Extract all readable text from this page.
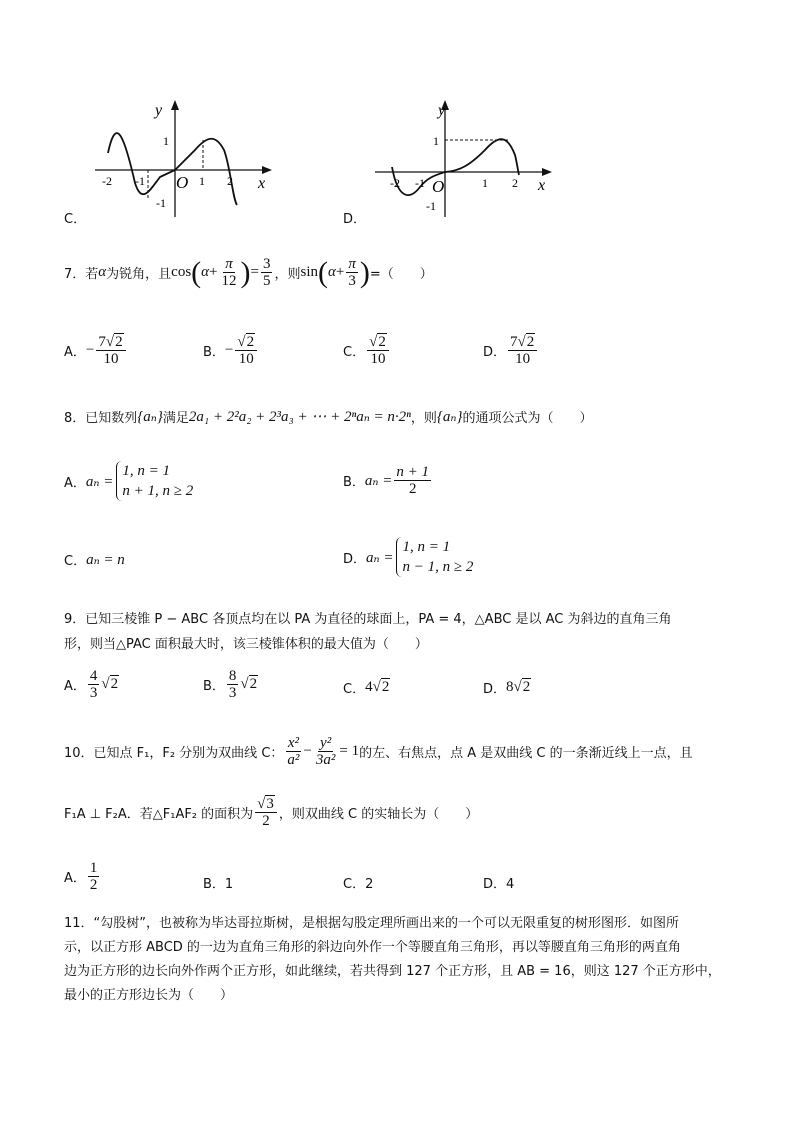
y
x
O
1
-1
-2 -1	1 2
C．
y
x
O
1
-1
-2 -1	1 2
D．
7．若 α 为锐角，且 cos ( $\alpha + \frac{\pi}{12}$ ) = $\frac{3}{5}$ ，则 sin ( $\alpha + \frac{\pi}{3}$ ) =（　　）
A． − $\frac{7√2}{10}$	B． − $\frac{√2}{10}$	C． $\frac{√2}{10}$	D． $\frac{7√2}{10}$
8．已知数列 {aₙ} 满足 2a₁ + 2²a₂ + 2³a₃ + ⋯ + 2ⁿaₙ = n·2ⁿ ，则 {aₙ} 的通项公式为（　　）
A． aₙ =
1, n = 1
n + 1, n ≥ 2
B． $a_n = \frac{n + 1}{2}$
C． aₙ = n	D． aₙ =
1, n = 1
n − 1, n ≥ 2
9．已知三棱锥 P − ABC 各顶点均在以 PA 为直径的球面上，PA = 4，△ABC 是以 AC 为斜边的直角三角
形，则当△PAC 面积最大时，该三棱锥体积的最大值为（　　）
A． $\frac{4}{3} √2$	B． $\frac{8}{3} √2$	C． 4 √2	D． 8 √2
10．已知点 F₁，F₂ 分别为双曲线 C： $\frac{\text{x²}}{\text{a²}} - \frac{\text{y²}}{\text{3a²}} = 1$ 的左、右焦点，点 A 是双曲线 C 的一条渐近线上一点，且
F₁A ⊥ F₂A．若△F₁AF₂ 的面积为 $\frac{√3}{2}$ ，则双曲线 C 的实轴长为（　　）
A． $\frac{1}{2}$	B．1	C．2	D．4
11．“勾股树”，也被称为毕达哥拉斯树，是根据勾股定理所画出来的一个可以无限重复的树形图形．如图所
示，以正方形 ABCD 的一边为直角三角形的斜边向外作一个等腰直角三角形，再以等腰直角三角形的两直角
边为正方形的边长向外作两个正方形，如此继续，若共得到 127 个正方形，且 AB = 16，则这 127 个正方形中，
最小的正方形边长为（　　）
